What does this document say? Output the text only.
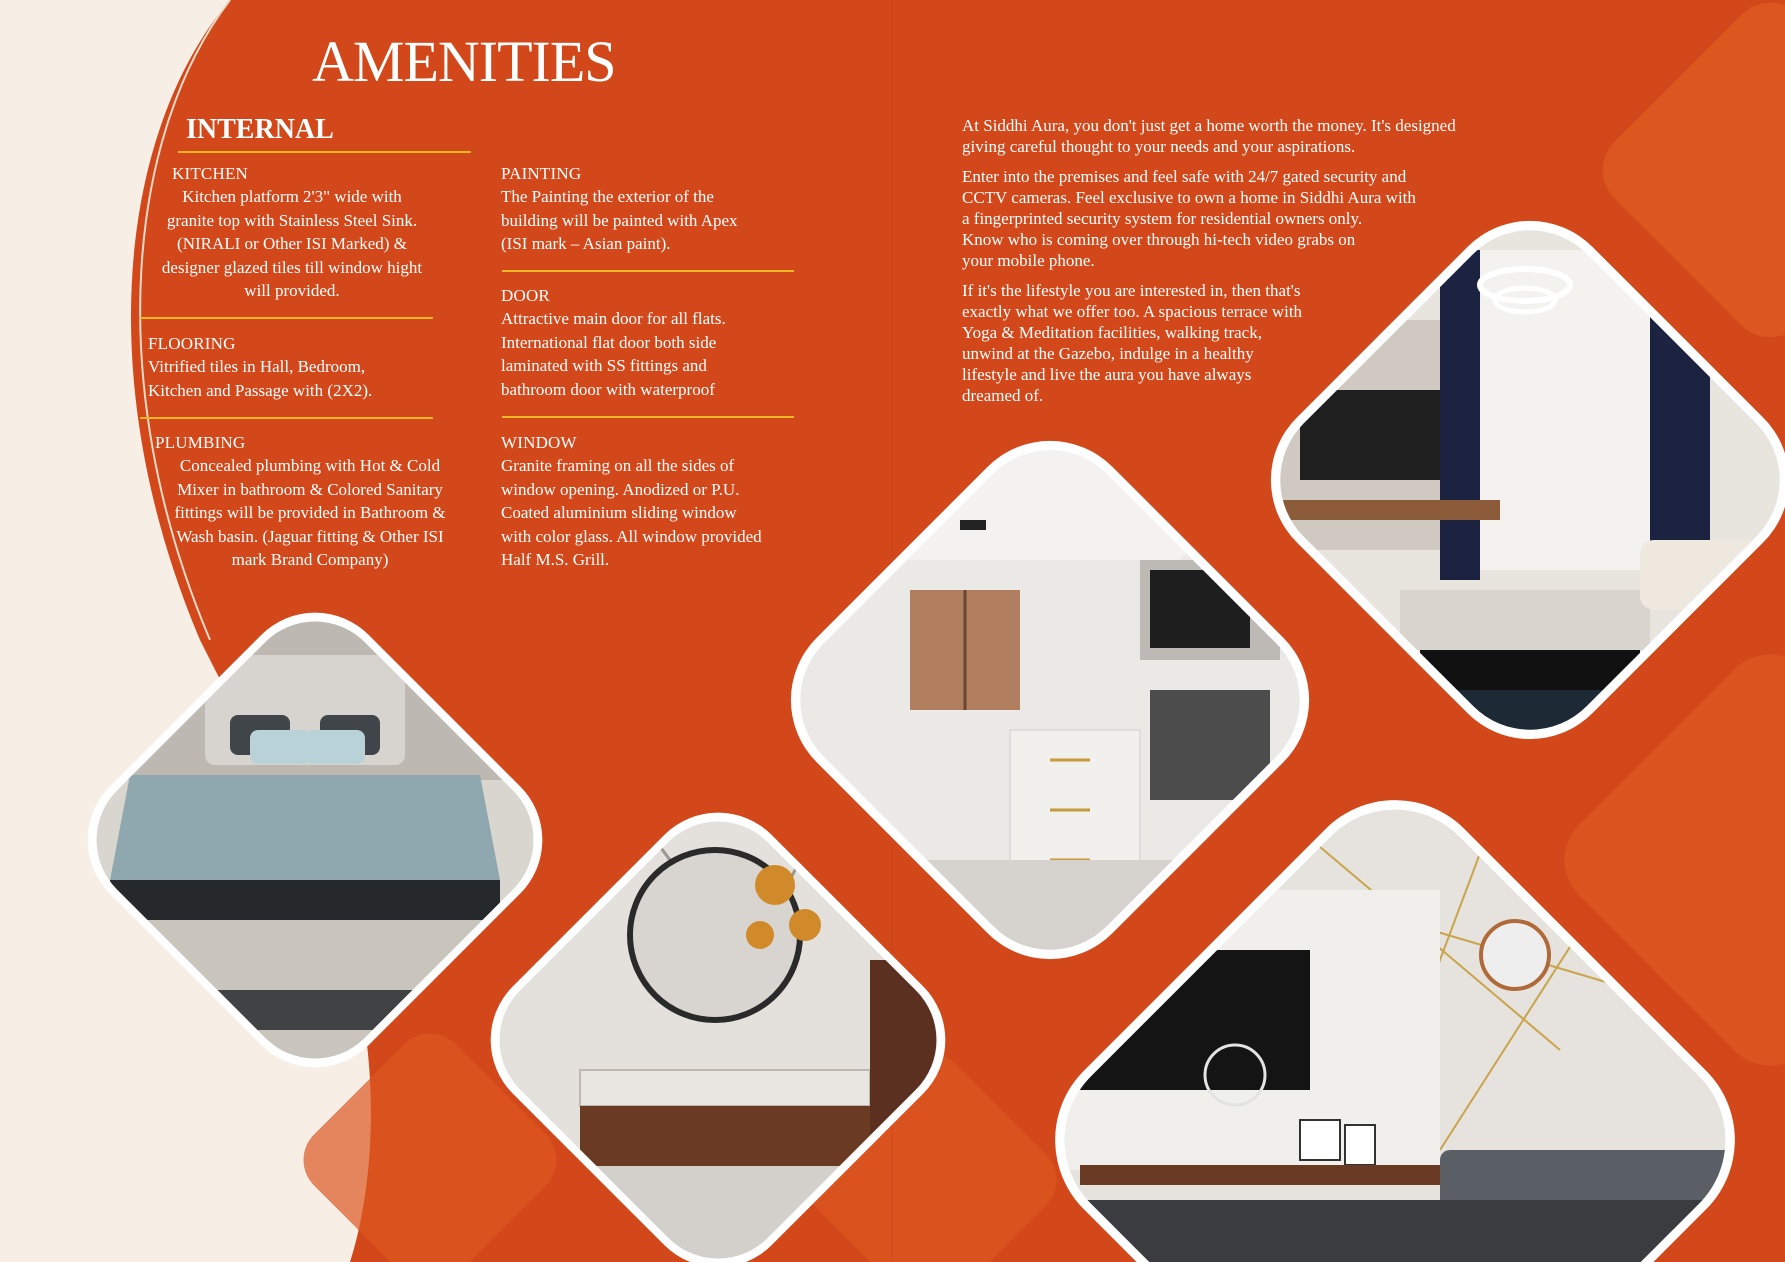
AMENITIES
INTERNAL
KITCHEN
Kitchen platform 2'3" wide with
granite top with Stainless Steel Sink.
(NIRALI or Other ISI Marked) &
designer glazed tiles till window hight
will provided.
FLOORING
Vitrified tiles in Hall, Bedroom,
Kitchen and Passage with (2X2).
PLUMBING
Concealed plumbing with Hot & Cold
Mixer in bathroom & Colored Sanitary
fittings will be provided in Bathroom &
Wash basin. (Jaguar fitting & Other ISI
mark Brand Company)
PAINTING
The Painting the exterior of the
building will be painted with Apex
(ISI mark – Asian paint).
DOOR
Attractive main door for all flats.
International flat door both side
laminated with SS fittings and
bathroom door with waterproof
WINDOW
Granite framing on all the sides of
window opening. Anodized or P.U.
Coated aluminium sliding window
with color glass. All window provided
Half M.S. Grill.

At Siddhi Aura, you don't just get a home worth the money. It's designed
giving careful thought to your needs and your aspirations.

Enter into the premises and feel safe with 24/7 gated security and
CCTV cameras. Feel exclusive to own a home in Siddhi Aura with
a fingerprinted security system for residential owners only.
Know who is coming over through hi-tech video grabs on
your mobile phone.

If it's the lifestyle you are interested in, then that's
exactly what we offer too. A spacious terrace with
Yoga & Meditation facilities, walking track,
unwind at the Gazebo, indulge in a healthy
lifestyle and live the aura you have always
dreamed of.
